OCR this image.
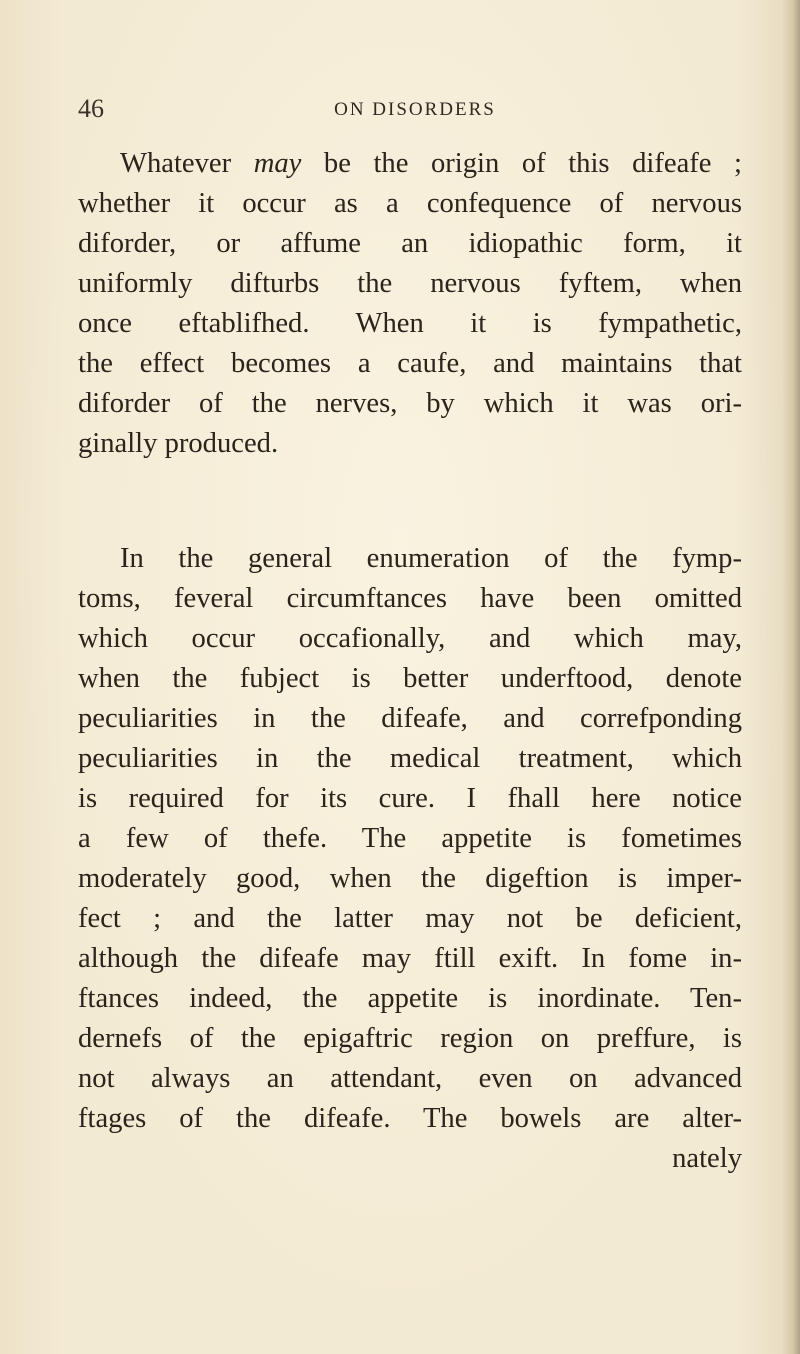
46	ON DISORDERS
Whatever may be the origin of this difeafe ;
whether it occur as a confequence of nervous
diforder, or affume an idiopathic form, it
uniformly difturbs the nervous fyftem, when
once eftablifhed. When it is fympathetic,
the effect becomes a caufe, and maintains that
diforder of the nerves, by which it was ori-
ginally produced.
In the general enumeration of the fymp-
toms, feveral circumftances have been omitted
which occur occafionally, and which may,
when the fubject is better underftood, denote
peculiarities in the difeafe, and correfponding
peculiarities in the medical treatment, which
is required for its cure. I fhall here notice
a few of thefe. The appetite is fometimes
moderately good, when the digeftion is imper-
fect ; and the latter may not be deficient,
although the difeafe may ftill exift. In fome in-
ftances indeed, the appetite is inordinate. Ten-
dernefs of the epigaftric region on preffure, is
not always an attendant, even on advanced
ftages of the difeafe. The bowels are alter-
nately
